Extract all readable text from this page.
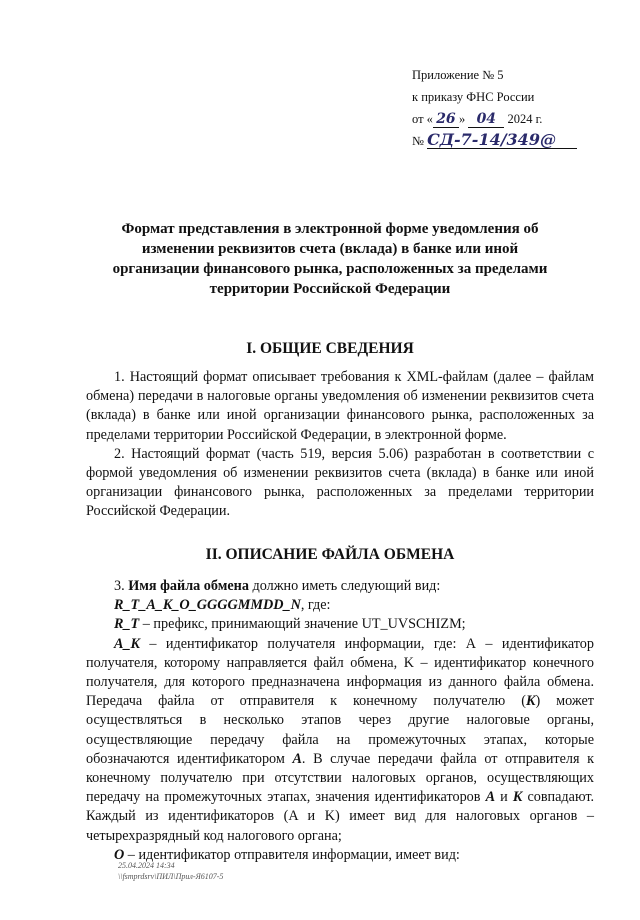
Приложение № 5
к приказу ФНС России
от « 26 » 04 2024 г.
№ СД-7-14/349@
Формат представления в электронной форме уведомления об
изменении реквизитов счета (вклада) в банке или иной
организации финансового рынка, расположенных за пределами
территории Российской Федерации
I. ОБЩИЕ СВЕДЕНИЯ

1. Настоящий формат описывает требования к XML-файлам (далее – файлам обмена) передачи в налоговые органы уведомления об изменении реквизитов счета (вклада) в банке или иной организации финансового рынка, расположенных за пределами территории Российской Федерации, в электронной форме.

2. Настоящий формат (часть 519, версия 5.06) разработан в соответствии с формой уведомления об изменении реквизитов счета (вклада) в банке или иной организации финансового рынка, расположенных за пределами территории Российской Федерации.

II. ОПИСАНИЕ ФАЙЛА ОБМЕНА

3. Имя файла обмена должно иметь следующий вид:

R_T_A_K_O_GGGGMMDD_N, где:

R_T – префикс, принимающий значение UT_UVSCHIZM;

A_K – идентификатор получателя информации, где: А – идентификатор получателя, которому направляется файл обмена, K – идентификатор конечного получателя, для которого предназначена информация из данного файла обмена. Передача файла от отправителя к конечному получателю (K) может осуществляться в несколько этапов через другие налоговые органы, осуществляющие передачу файла на промежуточных этапах, которые обозначаются идентификатором A. В случае передачи файла от отправителя к конечному получателю при отсутствии налоговых органов, осуществляющих передачу на промежуточных этапах, значения идентификаторов A и K совпадают. Каждый из идентификаторов (A и K) имеет вид для налоговых органов – четырехразрядный код налогового органа;

O – идентификатор отправителя информации, имеет вид:

25.04.2024 14:34
\\fsmprdsrv\ПИЛ\Прил-Я6107-5
